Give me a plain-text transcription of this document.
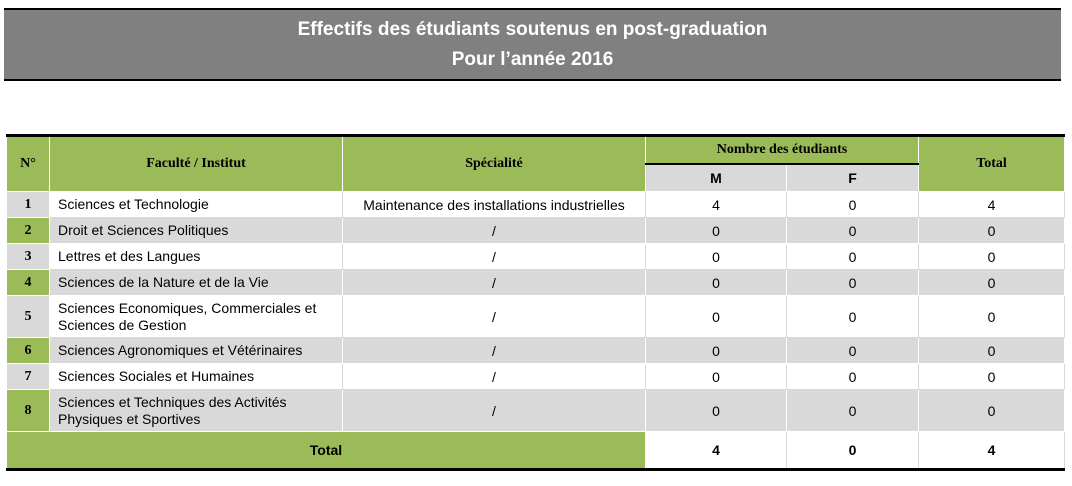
Effectifs des étudiants soutenus en post-graduation
Pour l’année 2016
N°	Faculté / Institut	Spécialité	Nombre des étudiants		Total
			M	F	
1	Sciences et Technologie	Maintenance des installations industrielles	4	0	4
2	Droit et Sciences Politiques	/	0	0	0
3	Lettres et des Langues	/	0	0	0
4	Sciences de la Nature et de la Vie	/	0	0	0
5	Sciences Economiques, Commerciales et Sciences de Gestion	/	0	0	0
6	Sciences Agronomiques et Vétérinaires	/	0	0	0
7	Sciences Sociales et Humaines	/	0	0	0
8	Sciences et Techniques des Activités Physiques et Sportives	/	0	0	0
Total			4	0	4
